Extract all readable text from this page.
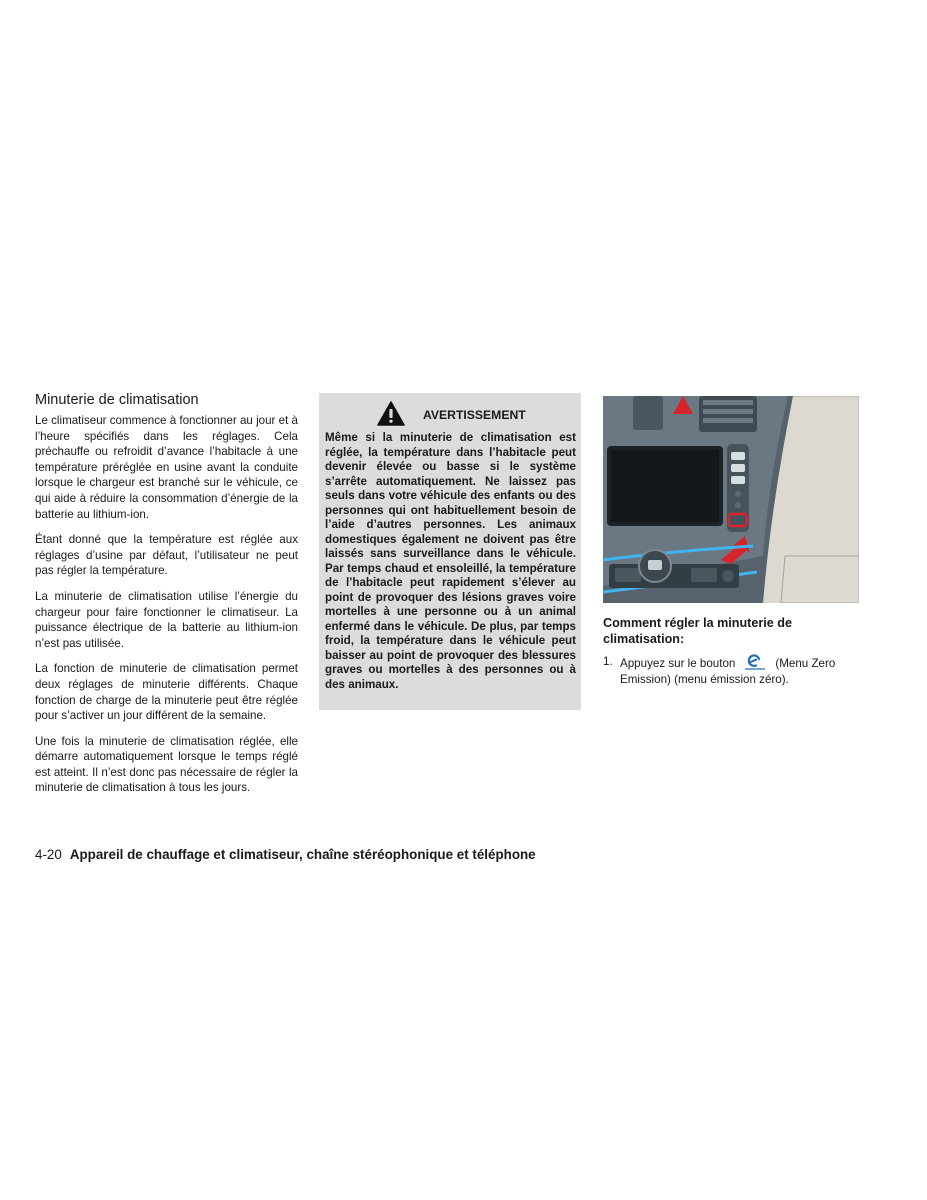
Minuterie de climatisation

Le climatiseur commence à fonctionner au jour et à l’heure spécifiés dans les réglages. Cela préchauffe ou refroidit d’avance l’habitacle à une température préréglée en usine avant la conduite lorsque le chargeur est branché sur le véhicule, ce qui aide à réduire la consommation d’énergie de la batterie au lithium-ion.

Étant donné que la température est réglée aux réglages d’usine par défaut, l’utilisateur ne peut pas régler la température.

La minuterie de climatisation utilise l’énergie du chargeur pour faire fonctionner le climatiseur. La puissance électrique de la batterie au lithium-ion n’est pas utilisée.

La fonction de minuterie de climatisation permet deux réglages de minuterie différents. Chaque fonction de charge de la minuterie peut être réglée pour s’activer un jour différent de la semaine.

Une fois la minuterie de climatisation réglée, elle démarre automatiquement lorsque le temps réglé est atteint. Il n’est donc pas nécessaire de régler la minuterie de climatisation à tous les jours.

AVERTISSEMENT

Même si la minuterie de climatisation est réglée, la température dans l’habitacle peut devenir élevée ou basse si le système s’arrête automatiquement. Ne laissez pas seuls dans votre véhicule des enfants ou des personnes qui ont habituellement besoin de l’aide d’autres personnes. Les animaux domestiques également ne doivent pas être laissés sans surveillance dans le véhicule. Par temps chaud et ensoleillé, la température de l’habitacle peut rapidement s’élever au point de provoquer des lésions graves voire mortelles à une personne ou à un animal enfermé dans le véhicule. De plus, par temps froid, la température dans le véhicule peut baisser au point de provoquer des blessures graves ou mortelles à des personnes ou à des animaux.

Comment régler la minuterie de climatisation:
1. Appuyez sur le bouton	(Menu Zero Emission) (menu émission zéro).
4-20 Appareil de chauffage et climatiseur, chaîne stéréophonique et téléphone
